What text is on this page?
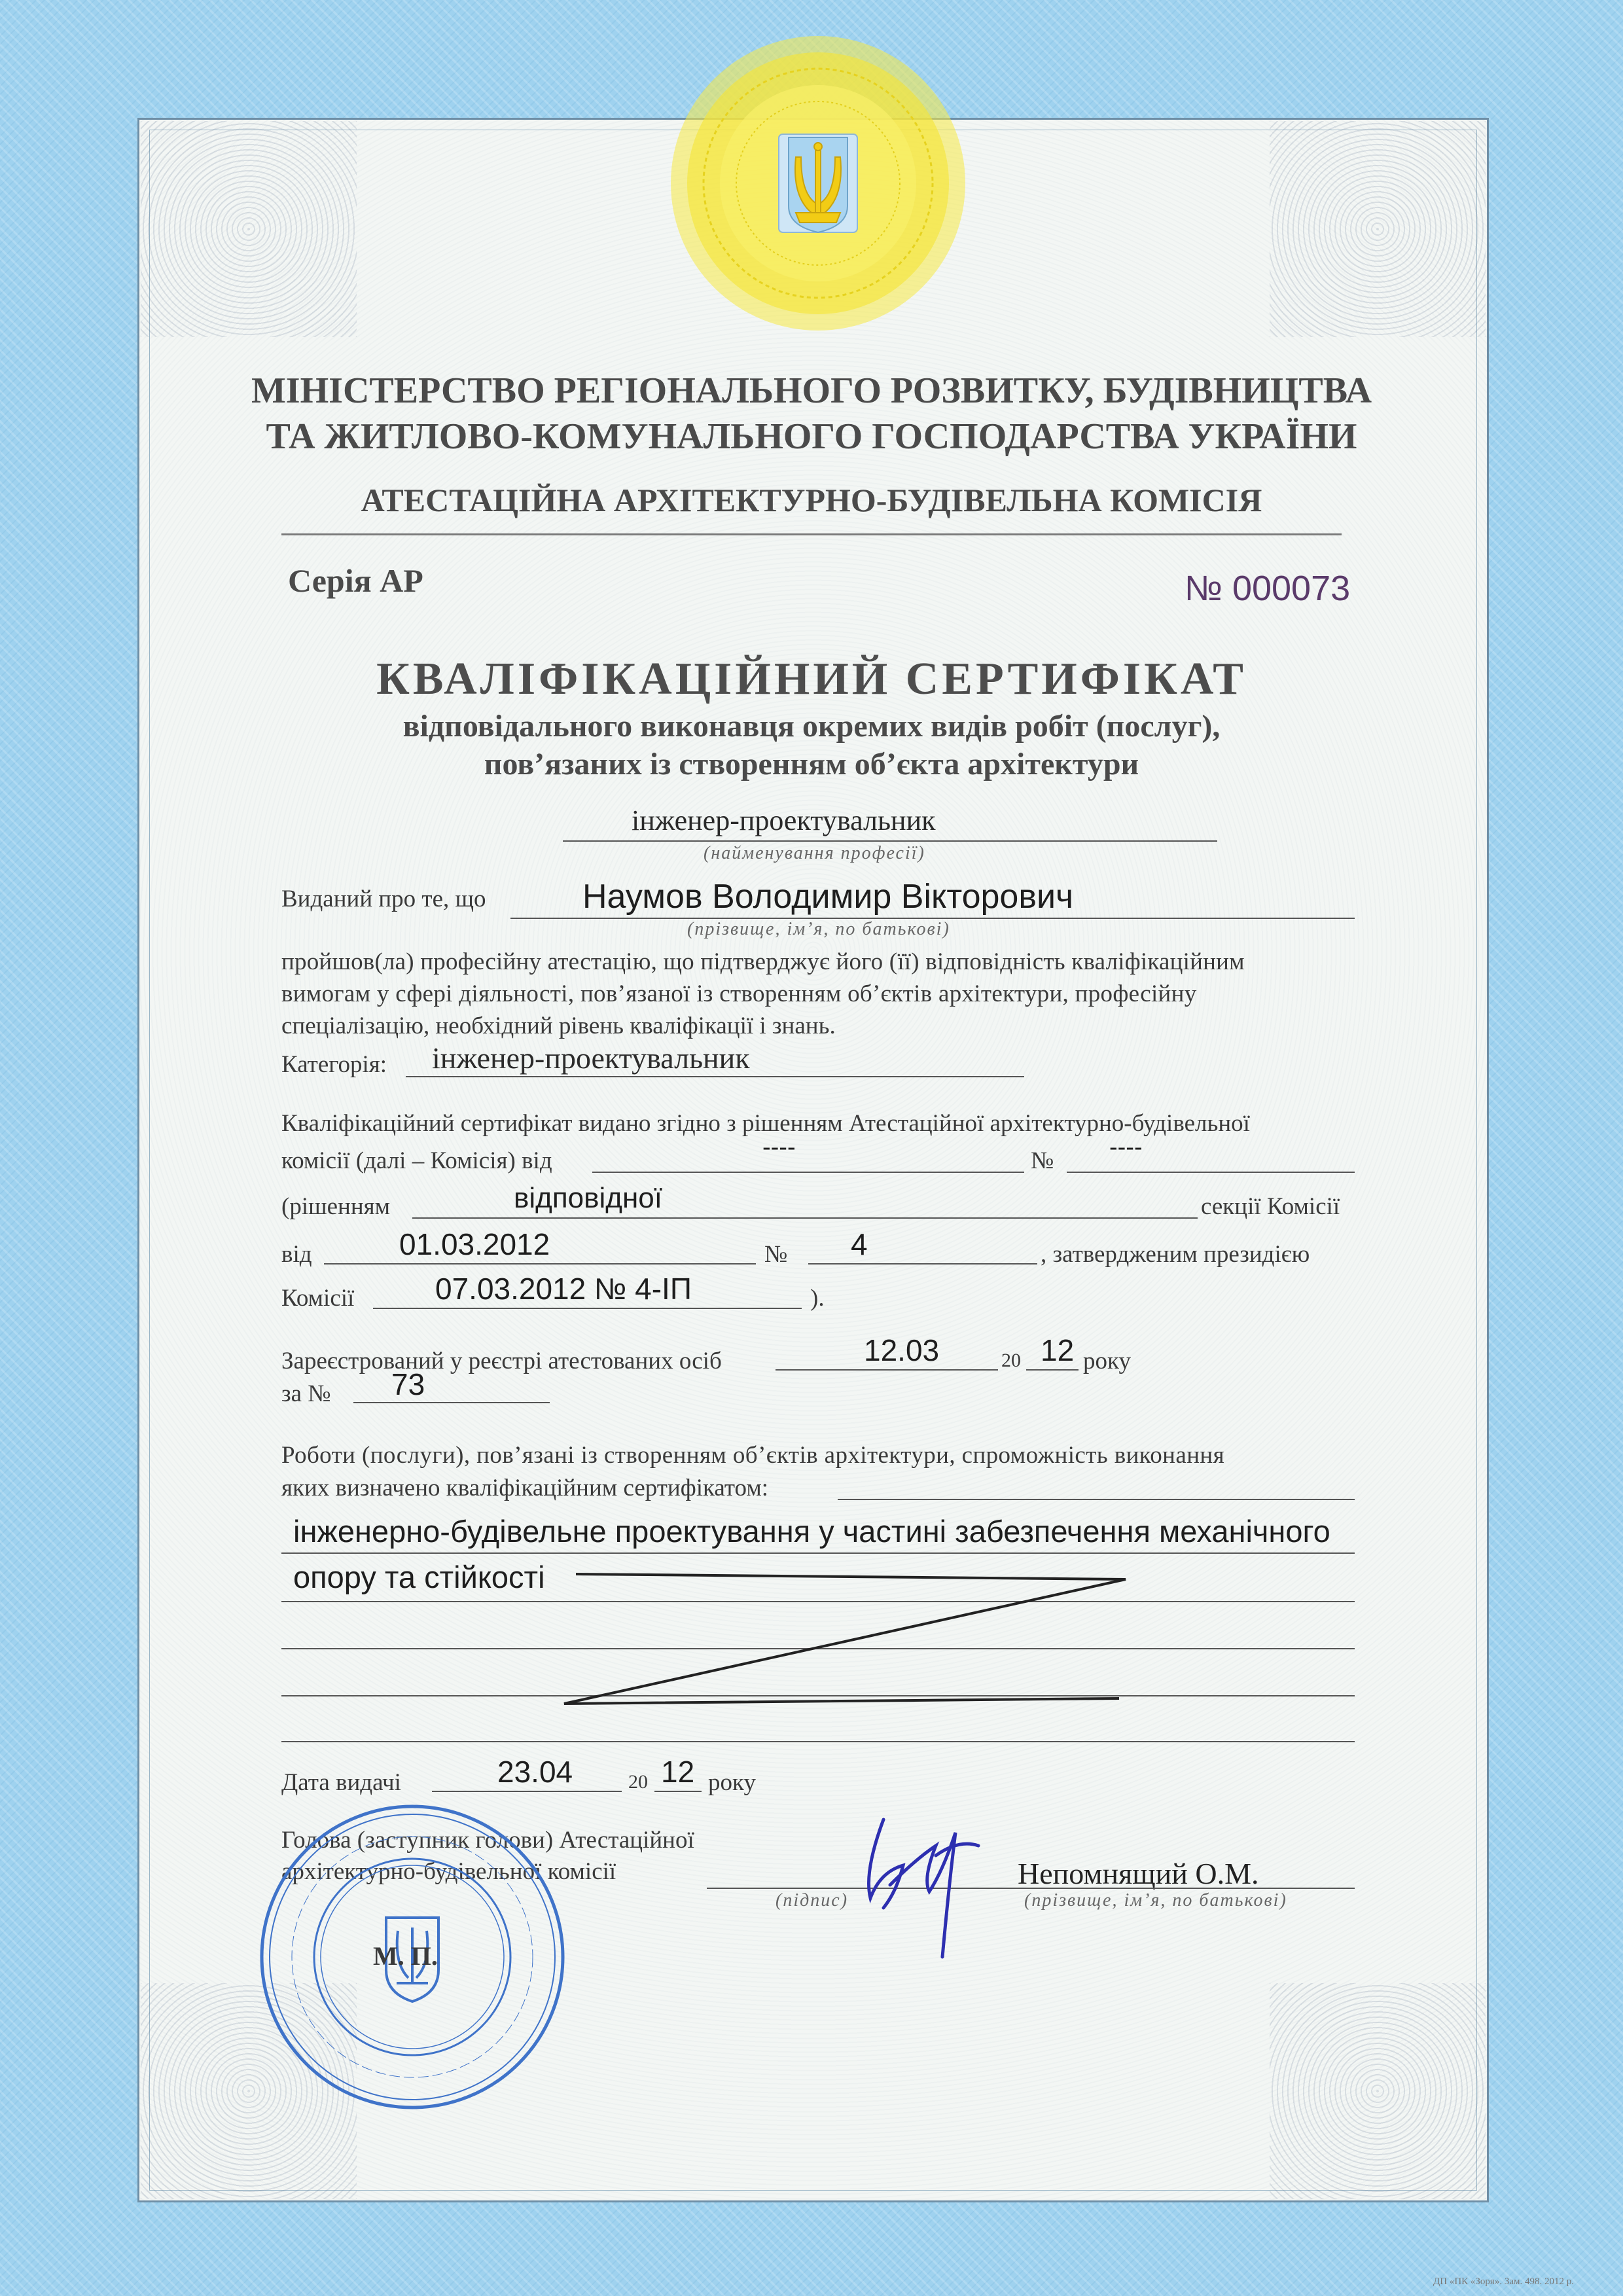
МІНІСТЕРСТВО РЕГІОНАЛЬНОГО РОЗВИТКУ, БУДІВНИЦТВА
ТА ЖИТЛОВО-КОМУНАЛЬНОГО ГОСПОДАРСТВА УКРАЇНИ
АТЕСТАЦІЙНА АРХІТЕКТУРНО-БУДІВЕЛЬНА КОМІСІЯ
Серія АР	№ 000073
КВАЛІФІКАЦІЙНИЙ СЕРТИФІКАТ
відповідального виконавця окремих видів робіт (послуг),
пов’язаних із створенням об’єкта архітектури
інженер-проектувальник
(найменування професії)
Виданий про те, що	Наумов Володимир Вікторович
(прізвище, ім’я, по батькові)
пройшов(ла) професійну атестацію, що підтверджує його (її) відповідність кваліфікаційним
вимогам у сфері діяльності, пов’язаної із створенням об’єктів архітектури, професійну
спеціалізацію, необхідний рівень кваліфікації і знань.
Категорія: інженер-проектувальник
Кваліфікаційний сертифікат видано згідно з рішенням Атестаційної архітектурно-будівельної
комісії (далі – Комісія) від	----	№ ----
(рішенням	відповідної	секції Комісії
від	01.03.2012	№ 4	, затвердженим президією
Комісії	07.03.2012 № 4-ІП	).
Зареєстрований у реєстрі атестованих осіб	12.03	20 12 року
за № 73
Роботи (послуги), пов’язані із створенням об’єктів архітектури, спроможність виконання
яких визначено кваліфікаційним сертифікатом:
інженерно-будівельне проектування у частині забезпечення механічного
опору та стійкості
Дата видачі	23.04	20 12 року
Голова (заступник голови) Атестаційної
архітектурно-будівельної комісії
(підпис)
Непомнящий О.М.
(прізвище, ім’я, по батькові)
М. П.
ДП «ПК «Зоря». Зам. 498. 2012 р.
